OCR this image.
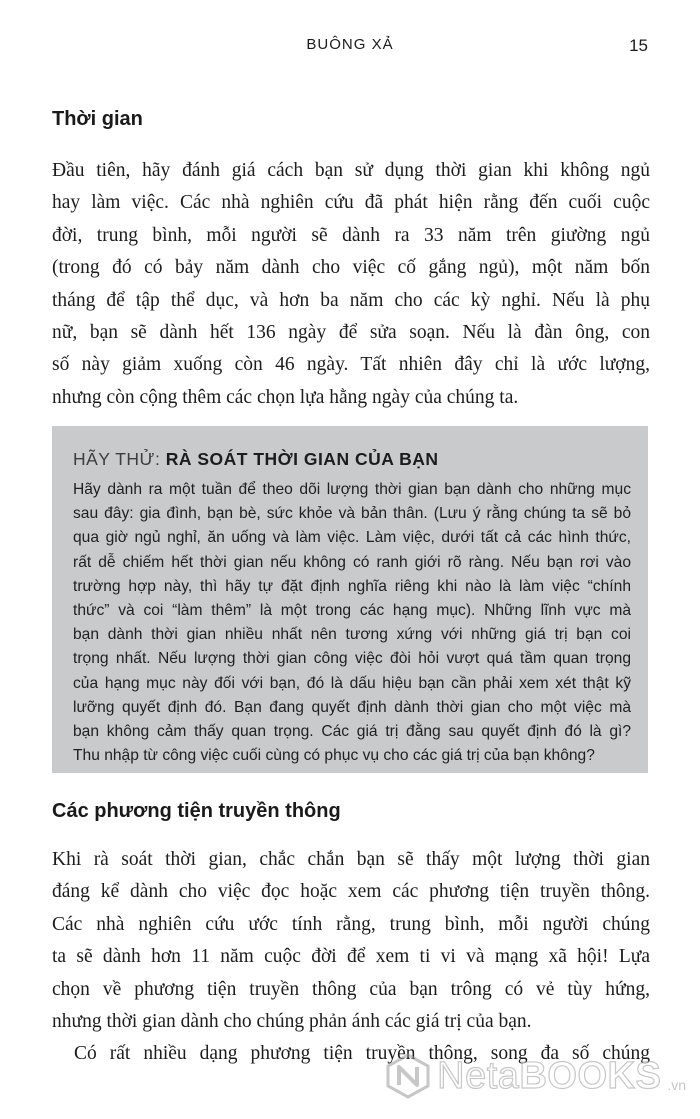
BUÔNG XẢ	15
Thời gian
Đầu tiên, hãy đánh giá cách bạn sử dụng thời gian khi không ngủ
hay làm việc. Các nhà nghiên cứu đã phát hiện rằng đến cuối cuộc
đời, trung bình, mỗi người sẽ dành ra 33 năm trên giường ngủ
(trong đó có bảy năm dành cho việc cố gắng ngủ), một năm bốn
tháng để tập thể dục, và hơn ba năm cho các kỳ nghỉ. Nếu là phụ
nữ, bạn sẽ dành hết 136 ngày để sửa soạn. Nếu là đàn ông, con
số này giảm xuống còn 46 ngày. Tất nhiên đây chỉ là ước lượng,
nhưng còn cộng thêm các chọn lựa hằng ngày của chúng ta.
HÃY THỬ: RÀ SOÁT THỜI GIAN CỦA BẠN
Hãy dành ra một tuần để theo dõi lượng thời gian bạn dành cho những mục
sau đây: gia đình, bạn bè, sức khỏe và bản thân. (Lưu ý rằng chúng ta sẽ bỏ
qua giờ ngủ nghỉ, ăn uống và làm việc. Làm việc, dưới tất cả các hình thức,
rất dễ chiếm hết thời gian nếu không có ranh giới rõ ràng. Nếu bạn rơi vào
trường hợp này, thì hãy tự đặt định nghĩa riêng khi nào là làm việc “chính
thức” và coi “làm thêm” là một trong các hạng mục). Những lĩnh vực mà
bạn dành thời gian nhiều nhất nên tương xứng với những giá trị bạn coi
trọng nhất. Nếu lượng thời gian công việc đòi hỏi vượt quá tầm quan trọng
của hạng mục này đối với bạn, đó là dấu hiệu bạn cần phải xem xét thật kỹ
lưỡng quyết định đó. Bạn đang quyết định dành thời gian cho một việc mà
bạn không cảm thấy quan trọng. Các giá trị đằng sau quyết định đó là gì?
Thu nhập từ công việc cuối cùng có phục vụ cho các giá trị của bạn không?
Các phương tiện truyền thông
Khi rà soát thời gian, chắc chắn bạn sẽ thấy một lượng thời gian
đáng kể dành cho việc đọc hoặc xem các phương tiện truyền thông.
Các nhà nghiên cứu ước tính rằng, trung bình, mỗi người chúng
ta sẽ dành hơn 11 năm cuộc đời để xem ti vi và mạng xã hội! Lựa
chọn về phương tiện truyền thông của bạn trông có vẻ tùy hứng,
nhưng thời gian dành cho chúng phản ánh các giá trị của bạn.
Có rất nhiều dạng phương tiện truyền thông, song đa số chúng
NetaBOOKS .vn
